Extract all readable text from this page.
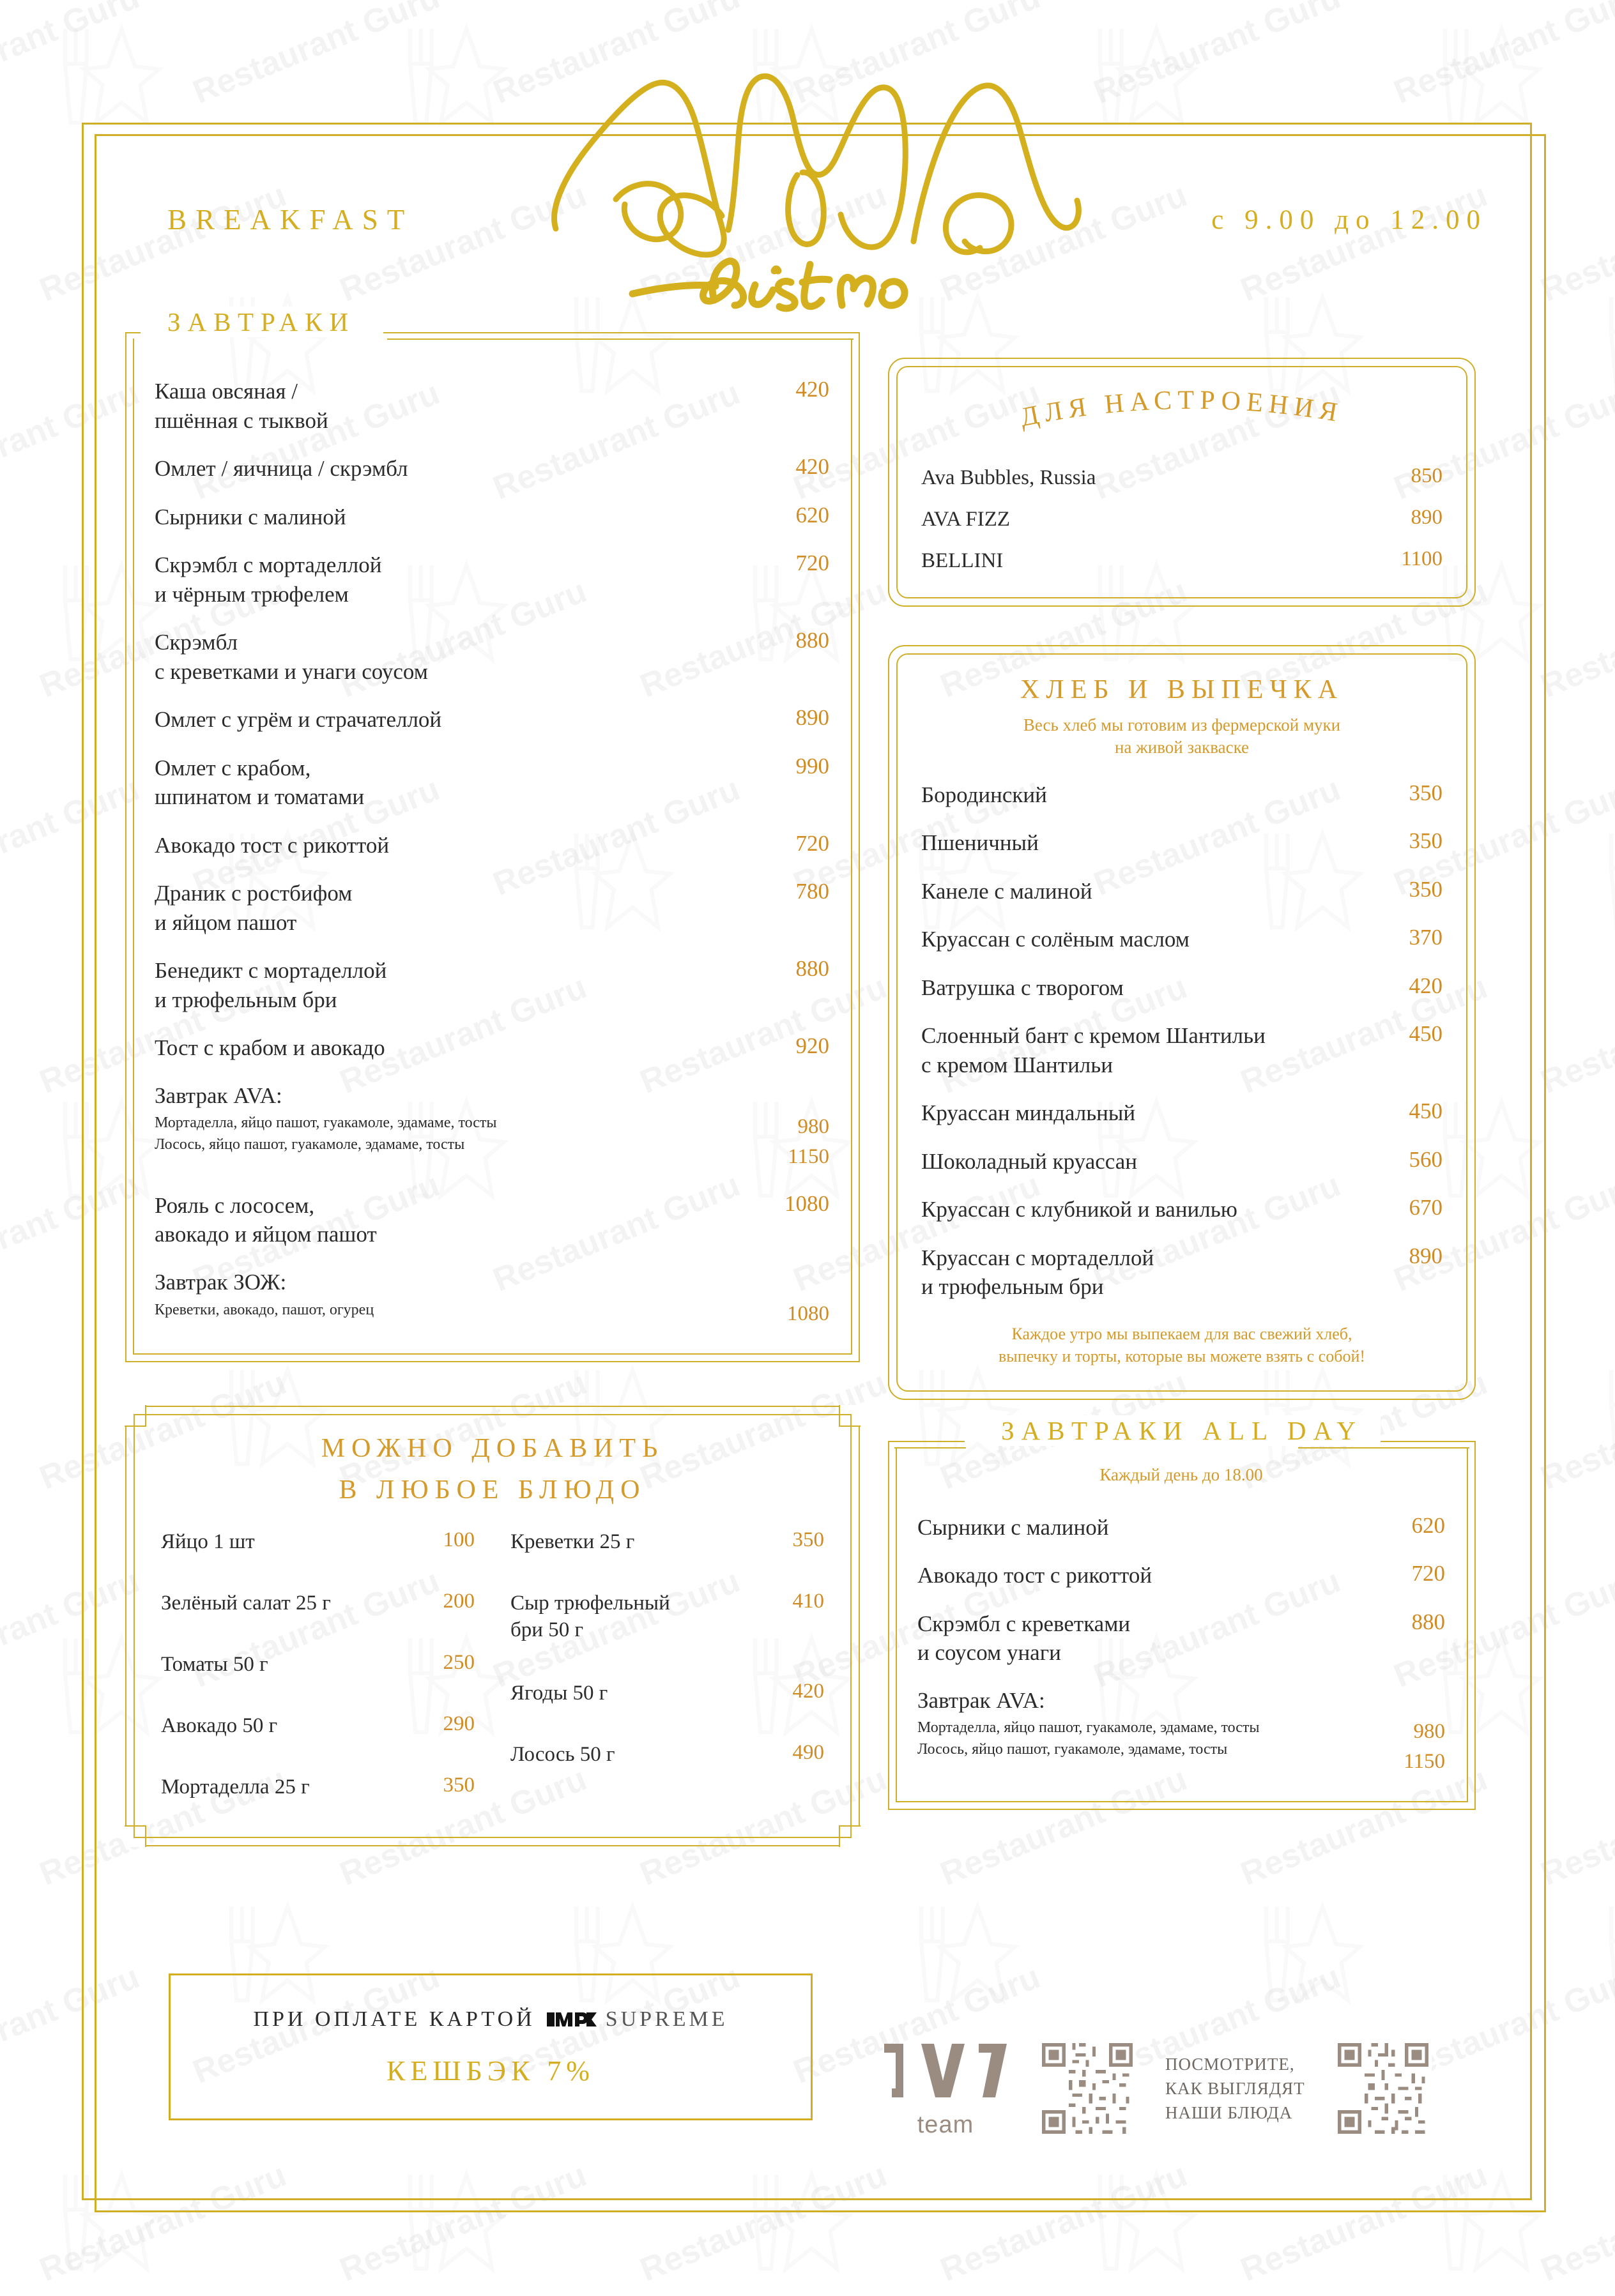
BREAKFAST	с 9.00 до 12.00
ЗАВТРАКИ
Каша овсяная /
пшённая с тыквой
420
Омлет / яичница / скрэмбл	420
Сырники с малиной	620
Скрэмбл с мортаделлой
и чёрным трюфелем
720
Скрэмбл
с креветками и унаги соусом
880
Омлет с угрём и страчателлой	890
Омлет с крабом,
шпинатом и томатами
990
Авокадо тост с рикоттой	720
Драник с ростбифом
и яйцом пашот
780
Бенедикт с мортаделлой
и трюфельным бри
880
Тост с крабом и авокадо	920
Завтрак AVA:
Мортаделла, яйцо пашот, гуакамоле, эдамаме, тосты
Лосось, яйцо пашот, гуакамоле, эдамаме, тосты
980
1150
Рояль с лососем,
авокадо и яйцом пашот
1080
Завтрак ЗОЖ:
Креветки, авокадо, пашот, огурец	1080
МОЖНО ДОБАВИТЬ
В ЛЮБОЕ БЛЮДО
Яйцо 1 шт	100
Зелёный салат 25 г	200
Томаты 50 г	250
Авокадо 50 г	290
Мортаделла 25 г	350
Креветки 25 г	350
Сыр трюфельный
бри 50 г
410
Ягоды 50 г	420
Лосось 50 г	490
ДЛЯ НАСТРОЕНИЯ
Ava Bubbles, Russia	850
AVA FIZZ	890
BELLINI	1100
ХЛЕБ И ВЫПЕЧКА
Весь хлеб мы готовим из фермерской муки
на живой закваске
Бородинский	350
Пшеничный	350
Канеле с малиной	350
Круассан с солёным маслом	370
Ватрушка с творогом	420
Слоенный бант с кремом Шантильи
с кремом Шантильи
450
Круассан миндальный	450
Шоколадный круассан	560
Круассан с клубникой и ванилью	670
Круассан с мортаделлой
и трюфельным бри
890
Каждое утро мы выпекаем для вас свежий хлеб,
выпечку и торты, которые вы можете взять с собой!
ЗАВТРАКИ ALL DAY
Каждый день до 18.00
Сырники с малиной	620
Авокадо тост с рикоттой	720
Скрэмбл с креветками
и соусом унаги
880
Завтрак AVA:
Мортаделла, яйцо пашот, гуакамоле, эдамаме, тосты
Лосось, яйцо пашот, гуакамоле, эдамаме, тосты
980
1150
ПРИ ОПЛАТЕ КАРТОЙ	SUPREME
КЕШБЭК 7%
team
ПОСМОТРИТЕ,
КАК ВЫГЛЯДЯТ
НАШИ БЛЮДА
